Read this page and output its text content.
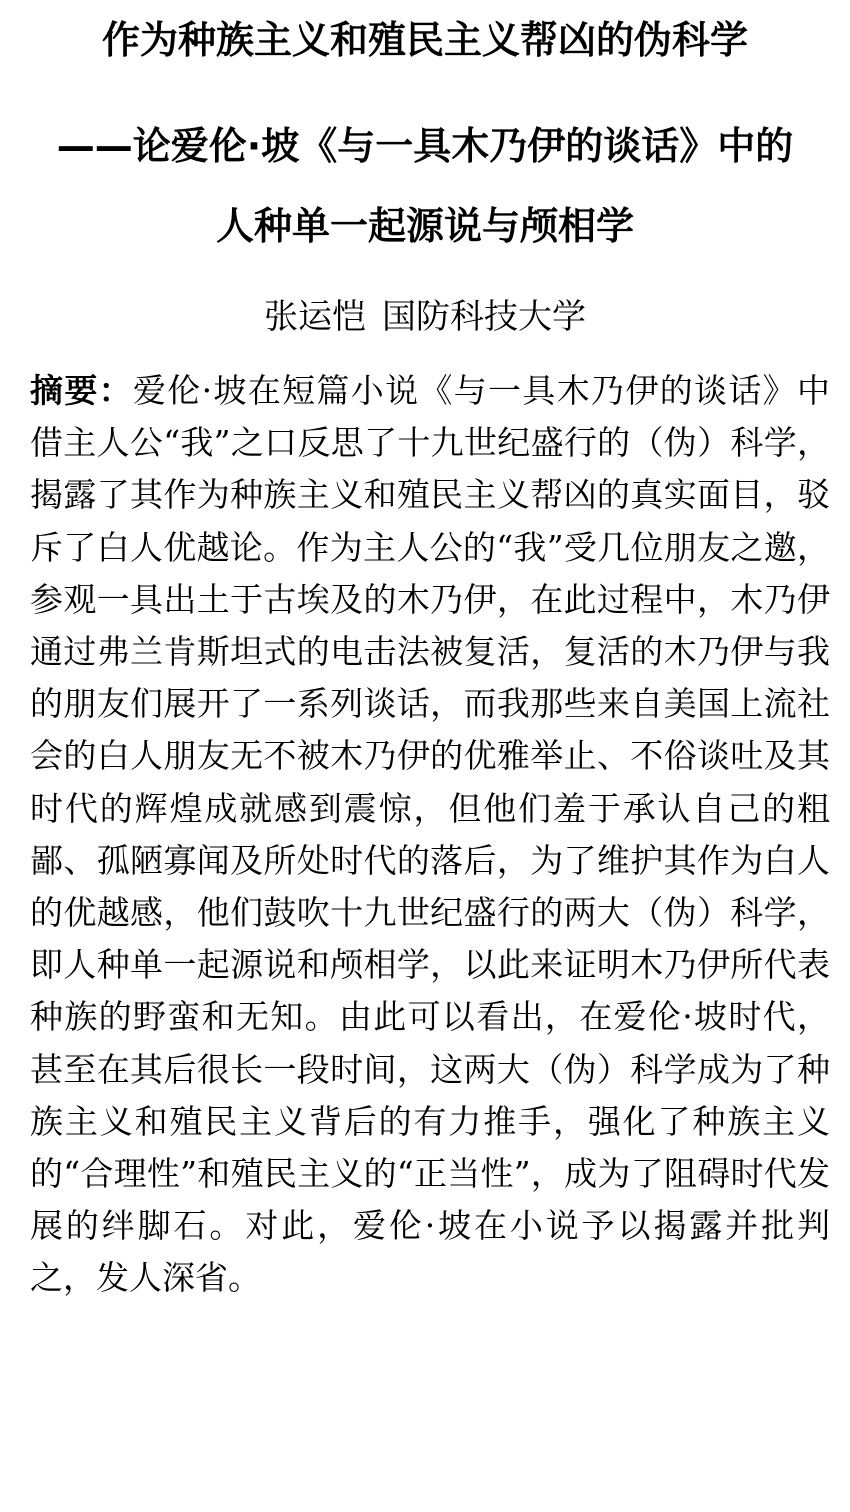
作为种族主义和殖民主义帮凶的伪科学
——论爱伦·坡《与一具木乃伊的谈话》中的
人种单一起源说与颅相学
张运恺 国防科技大学

摘要：爱伦·坡在短篇小说《与一具木乃伊的谈话》中借主人公“我”之口反思了十九世纪盛行的（伪）科学，揭露了其作为种族主义和殖民主义帮凶的真实面目，驳斥了白人优越论。作为主人公的“我”受几位朋友之邀，参观一具出土于古埃及的木乃伊，在此过程中，木乃伊通过弗兰肯斯坦式的电击法被复活，复活的木乃伊与我的朋友们展开了一系列谈话，而我那些来自美国上流社会的白人朋友无不被木乃伊的优雅举止、不俗谈吐及其时代的辉煌成就感到震惊，但他们羞于承认自己的粗鄙、孤陋寡闻及所处时代的落后，为了维护其作为白人的优越感，他们鼓吹十九世纪盛行的两大（伪）科学，即人种单一起源说和颅相学，以此来证明木乃伊所代表种族的野蛮和无知。由此可以看出，在爱伦·坡时代，甚至在其后很长一段时间，这两大（伪）科学成为了种族主义和殖民主义背后的有力推手，强化了种族主义的“合理性”和殖民主义的“正当性”，成为了阻碍时代发展的绊脚石。对此，爱伦·坡在小说予以揭露并批判之，发人深省。
